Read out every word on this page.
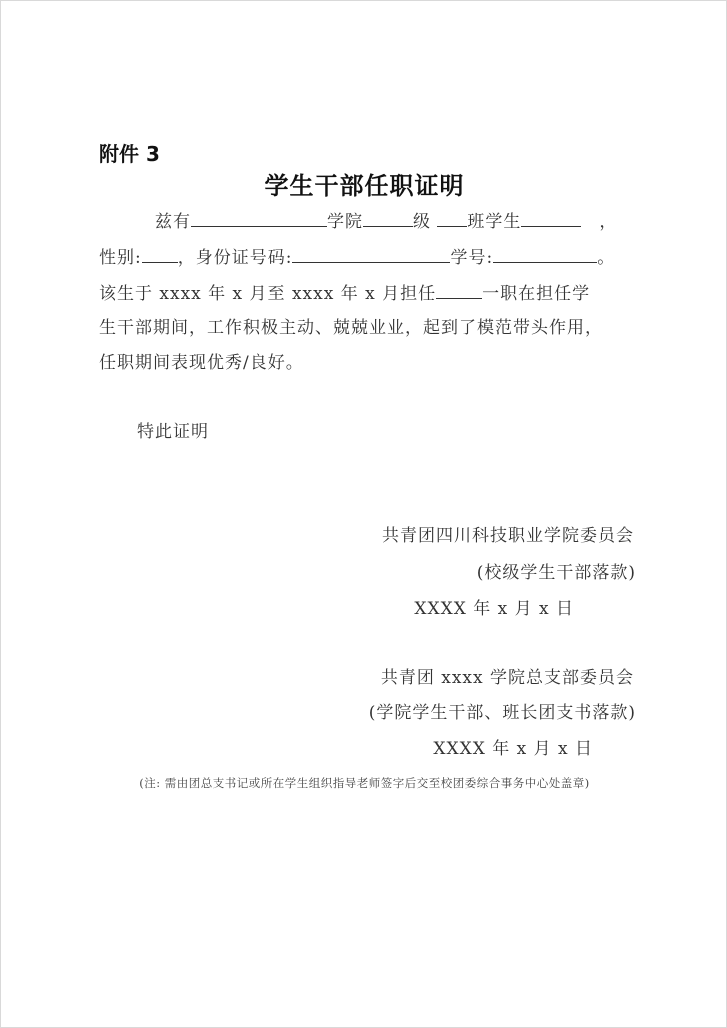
附件 3
学生干部任职证明
兹有	学院	级 班学生	，
性别: ，身份证号码:	学号:	。
该生于 xxxx 年 x 月至 xxxx 年 x 月担任	一职在担任学
生干部期间，工作积极主动、兢兢业业，起到了模范带头作用，
任职期间表现优秀/良好。
特此证明
共青团四川科技职业学院委员会
(校级学生干部落款)
XXXX 年 x 月 x 日
共青团 xxxx 学院总支部委员会
(学院学生干部、班长团支书落款)
XXXX 年 x 月 x 日
(注: 需由团总支书记或所在学生组织指导老师签字后交至校团委综合事务中心处盖章)
